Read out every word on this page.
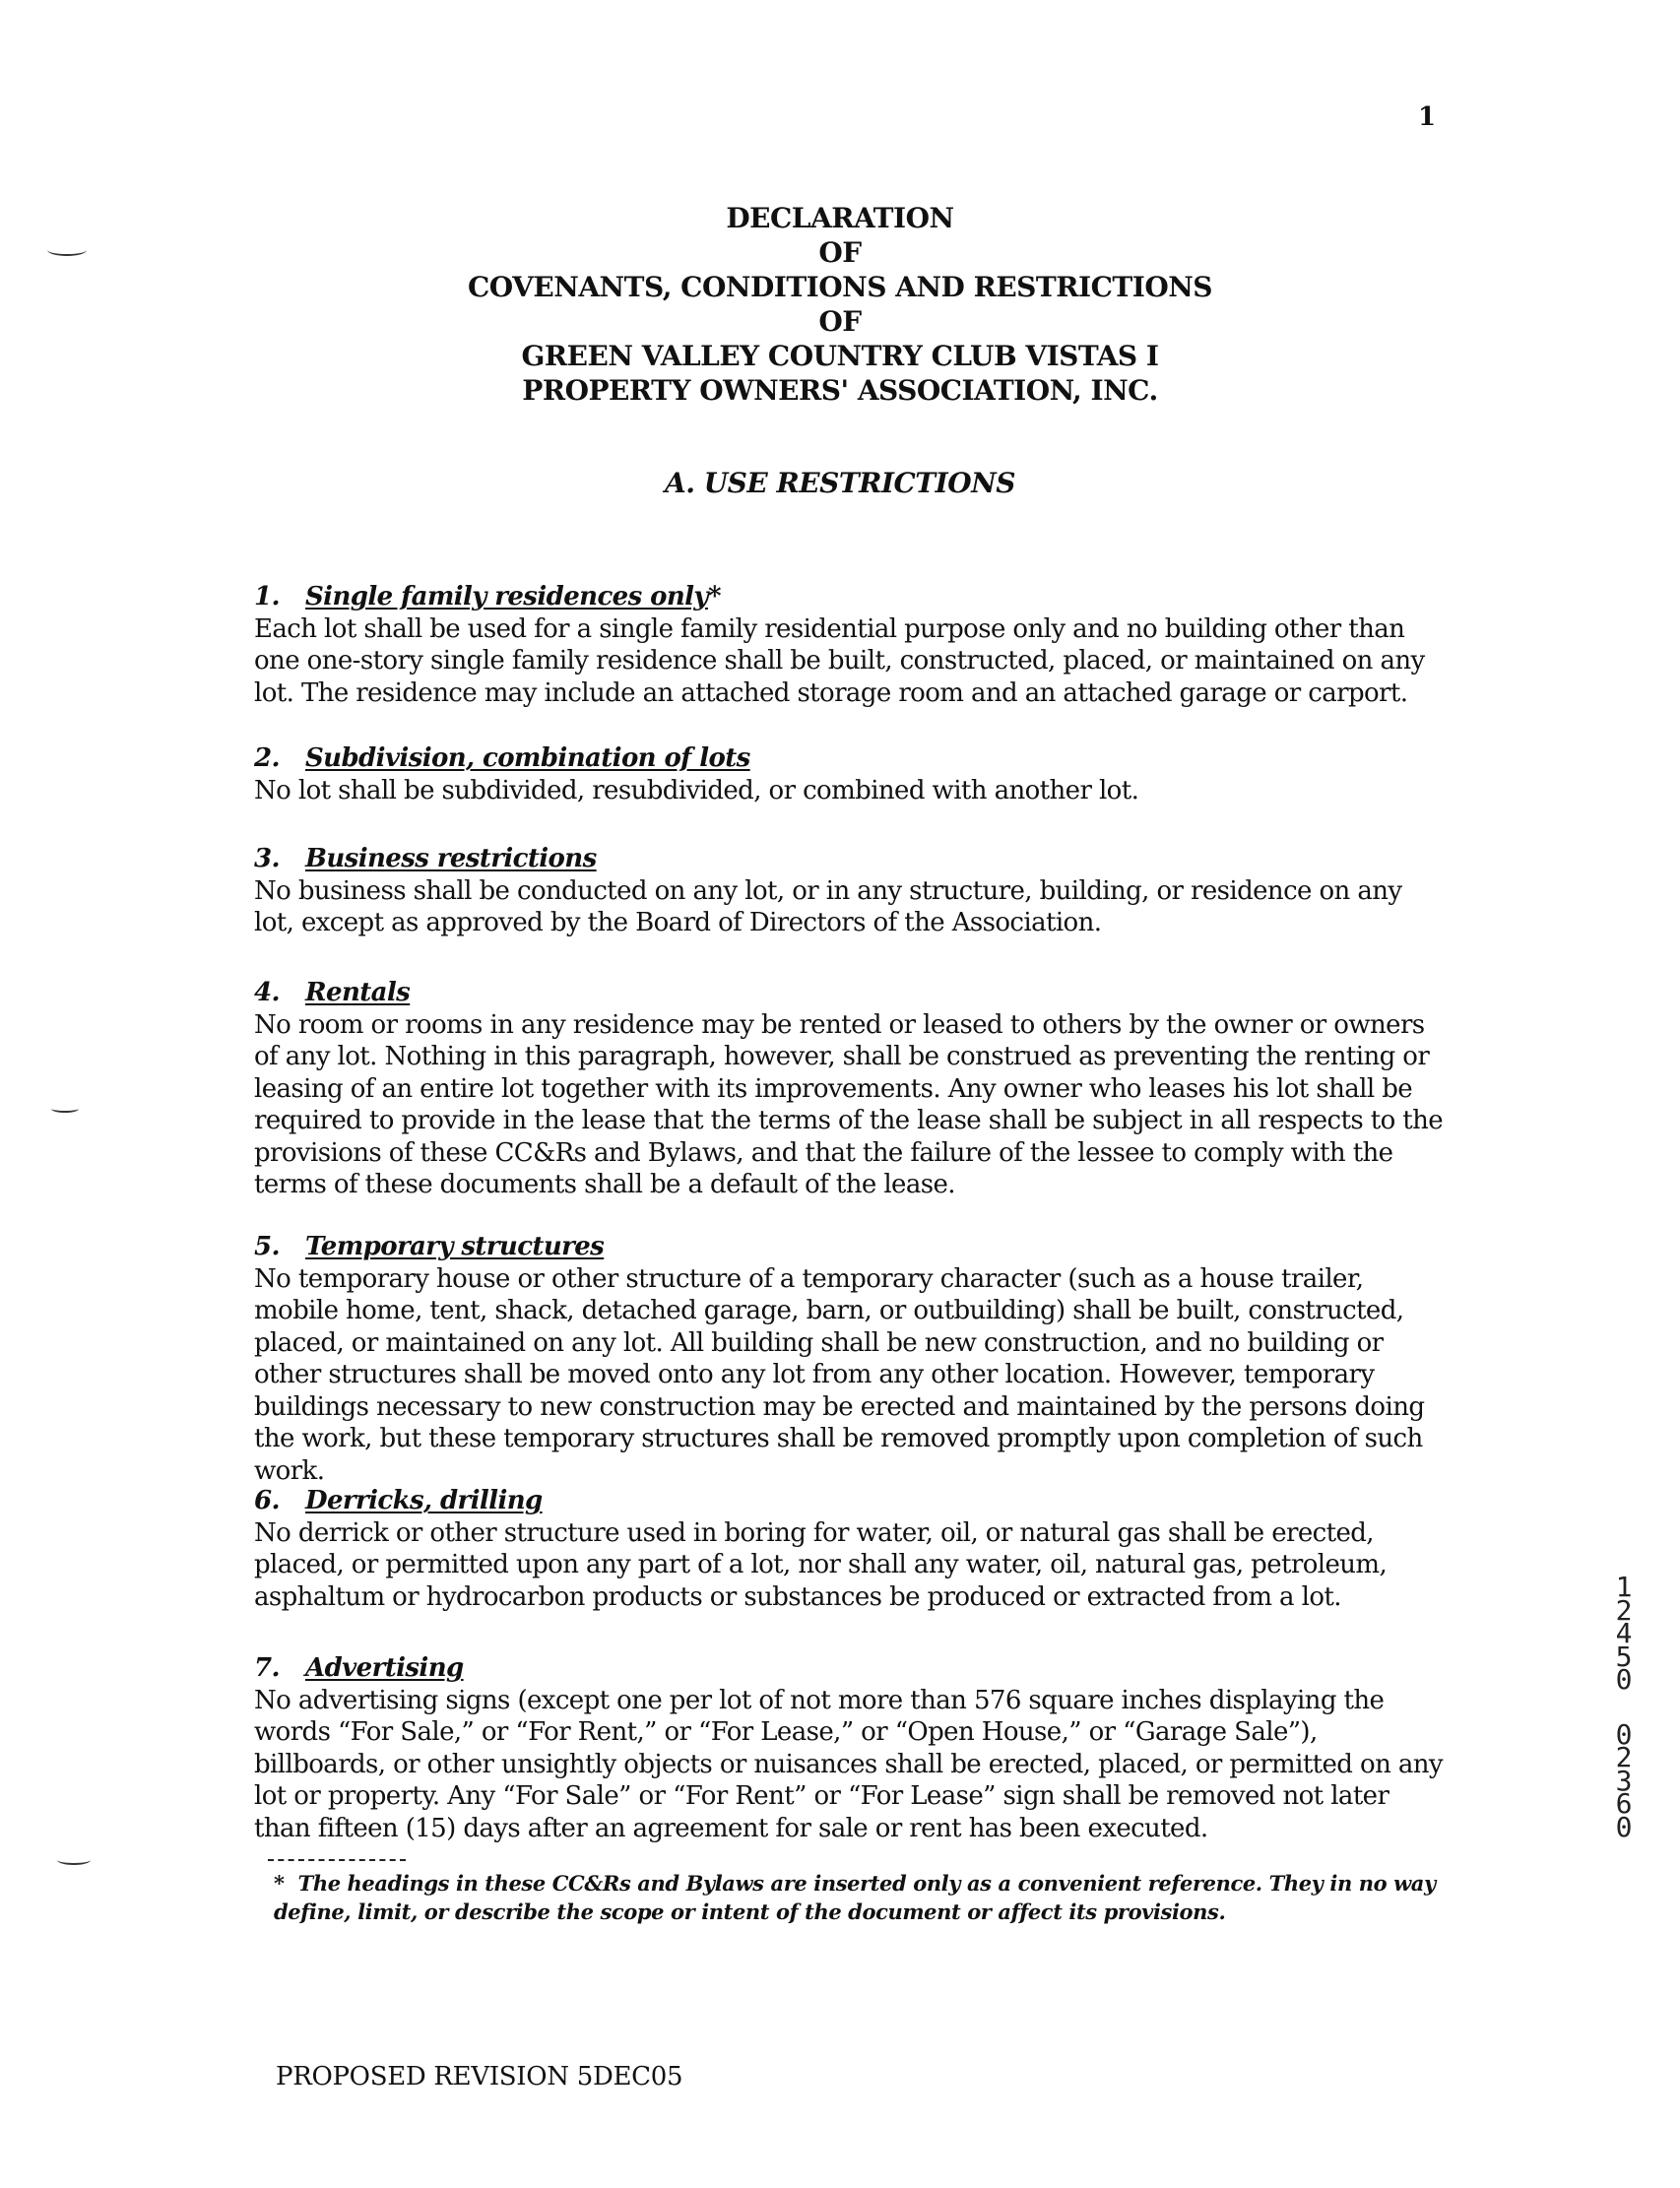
1
DECLARATION
OF
COVENANTS, CONDITIONS AND RESTRICTIONS
OF
GREEN VALLEY COUNTRY CLUB VISTAS I
PROPERTY OWNERS' ASSOCIATION, INC.
A. USE RESTRICTIONS
1. Single family residences only*
Each lot shall be used for a single family residential purpose only and no building other than one one-story single family residence shall be built, constructed, placed, or maintained on any lot. The residence may include an attached storage room and an attached garage or carport.
2. Subdivision, combination of lots
No lot shall be subdivided, resubdivided, or combined with another lot.
3. Business restrictions
No business shall be conducted on any lot, or in any structure, building, or residence on any lot, except as approved by the Board of Directors of the Association.
4. Rentals
No room or rooms in any residence may be rented or leased to others by the owner or owners of any lot. Nothing in this paragraph, however, shall be construed as preventing the renting or leasing of an entire lot together with its improvements. Any owner who leases his lot shall be required to provide in the lease that the terms of the lease shall be subject in all respects to the provisions of these CC&Rs and Bylaws, and that the failure of the lessee to comply with the terms of these documents shall be a default of the lease.
5. Temporary structures
No temporary house or other structure of a temporary character (such as a house trailer, mobile home, tent, shack, detached garage, barn, or outbuilding) shall be built, constructed, placed, or maintained on any lot. All building shall be new construction, and no building or other structures shall be moved onto any lot from any other location. However, temporary buildings necessary to new construction may be erected and maintained by the persons doing the work, but these temporary structures shall be removed promptly upon completion of such work.
6. Derricks, drilling
No derrick or other structure used in boring for water, oil, or natural gas shall be erected, placed, or permitted upon any part of a lot, nor shall any water, oil, natural gas, petroleum, asphaltum or hydrocarbon products or substances be produced or extracted from a lot.
7. Advertising
No advertising signs (except one per lot of not more than 576 square inches displaying the words “For Sale,” or “For Rent,” or “For Lease,” or “Open House,” or “Garage Sale”), billboards, or other unsightly objects or nuisances shall be erected, placed, or permitted on any lot or property. Any “For Sale” or “For Rent” or “For Lease” sign shall be removed not later than fifteen (15) days after an agreement for sale or rent has been executed.
* The headings in these CC&Rs and Bylaws are inserted only as a convenient reference. They in no way define, limit, or describe the scope or intent of the document or affect its provisions.
PROPOSED REVISION 5DEC05
1
2
4
5
0
0
2
3
6
0
